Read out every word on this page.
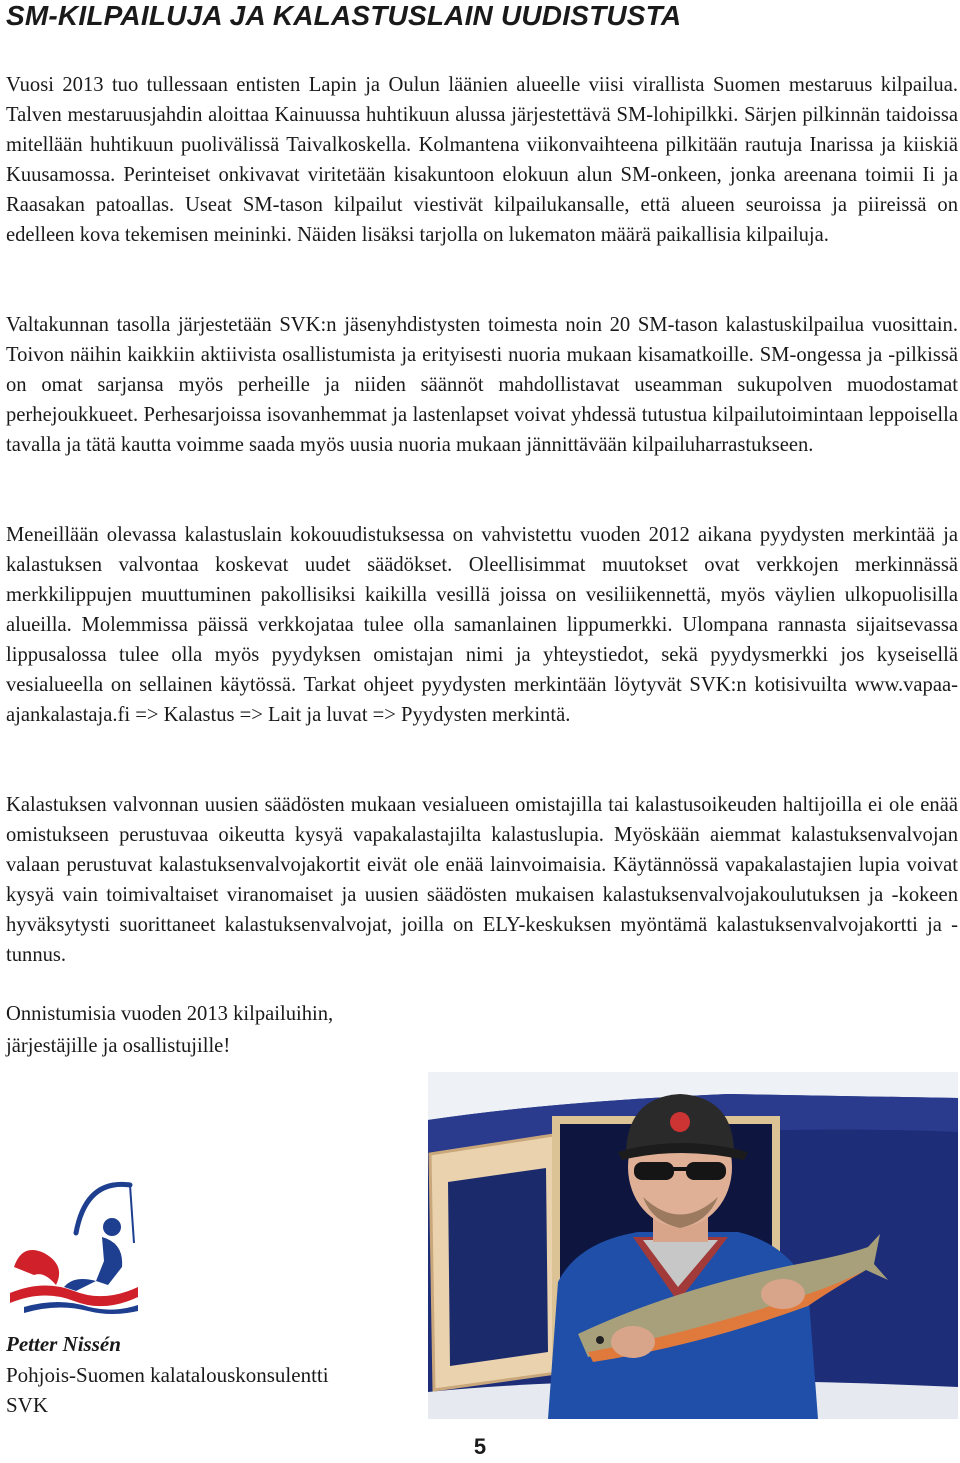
SM-KILPAILUJA JA KALASTUSLAIN UUDISTUSTA

Vuosi 2013 tuo tullessaan entisten Lapin ja Oulun läänien alueelle viisi virallista Suomen mestaruus kilpailua. Talven mestaruusjahdin aloittaa Kainuussa huhtikuun alussa järjestettävä SM-lohipilkki. Särjen pilkinnän taidoissa mitellään huhtikuun puolivälissä Taivalkoskella. Kolmantena viikonvaihteena pilkitään rautuja Inarissa ja kiiskiä Kuusamossa. Perinteiset onkivavat viritetään kisakuntoon elokuun alun SM-onkeen, jonka areenana toimii Ii ja Raasakan patoallas. Useat SM-tason kilpailut viestivät kilpailukansalle, että alueen seuroissa ja piireissä on edelleen kova tekemisen meininki. Näiden lisäksi tarjolla on lukematon määrä paikallisia kilpailuja.

Valtakunnan tasolla järjestetään SVK:n jäsenyhdistysten toimesta noin 20 SM-tason kalastuskilpailua vuosittain. Toivon näihin kaikkiin aktiivista osallistumista ja erityisesti nuoria mukaan kisamatkoille. SM-ongessa ja -pilkissä on omat sarjansa myös perheille ja niiden säännöt mahdollistavat useamman sukupolven muodostamat perhejoukkueet. Perhesarjoissa isovanhemmat ja lastenlapset voivat yhdessä tutustua kilpailutoimintaan leppoisella tavalla ja tätä kautta voimme saada myös uusia nuoria mukaan jännittävään kilpailuharrastukseen.

Meneillään olevassa kalastuslain kokouudistuksessa on vahvistettu vuoden 2012 aikana pyydysten merkintää ja kalastuksen valvontaa koskevat uudet säädökset. Oleellisimmat muutokset ovat verkkojen merkinnässä merkkilippujen muuttuminen pakollisiksi kaikilla vesillä joissa on vesiliikennettä, myös väylien ulkopuolisilla alueilla. Molemmissa päissä verkkojataa tulee olla samanlainen lippumerkki. Ulompana rannasta sijaitsevassa lippusalossa tulee olla myös pyydyksen omistajan nimi ja yhteystiedot, sekä pyydysmerkki jos kyseisellä vesialueella on sellainen käytössä. Tarkat ohjeet pyydysten merkintään löytyvät SVK:n kotisivuilta www.vapaa-ajankalastaja.fi => Kalastus => Lait ja luvat => Pyydysten merkintä.

Kalastuksen valvonnan uusien säädösten mukaan vesialueen omistajilla tai kalastusoikeuden haltijoilla ei ole enää omistukseen perustuvaa oikeutta kysyä vapakalastajilta kalastuslupia. Myöskään aiemmat kalastuksenvalvojan valaan perustuvat kalastuksenvalvojakortit eivät ole enää lainvoimaisia. Käytännössä vapakalastajien lupia voivat kysyä vain toimivaltaiset viranomaiset ja uusien säädösten mukaisen kalastuksenvalvojakoulutuksen ja -kokeen hyväksytysti suorittaneet kalastuksenvalvojat, joilla on ELY-keskuksen myöntämä kalastuksenvalvojakortti ja -tunnus.

Onnistumisia vuoden 2013 kilpailuihin,
järjestäjille ja osallistujille!
Petter Nissén
Pohjois-Suomen kalatalouskonsulentti
SVK
5
